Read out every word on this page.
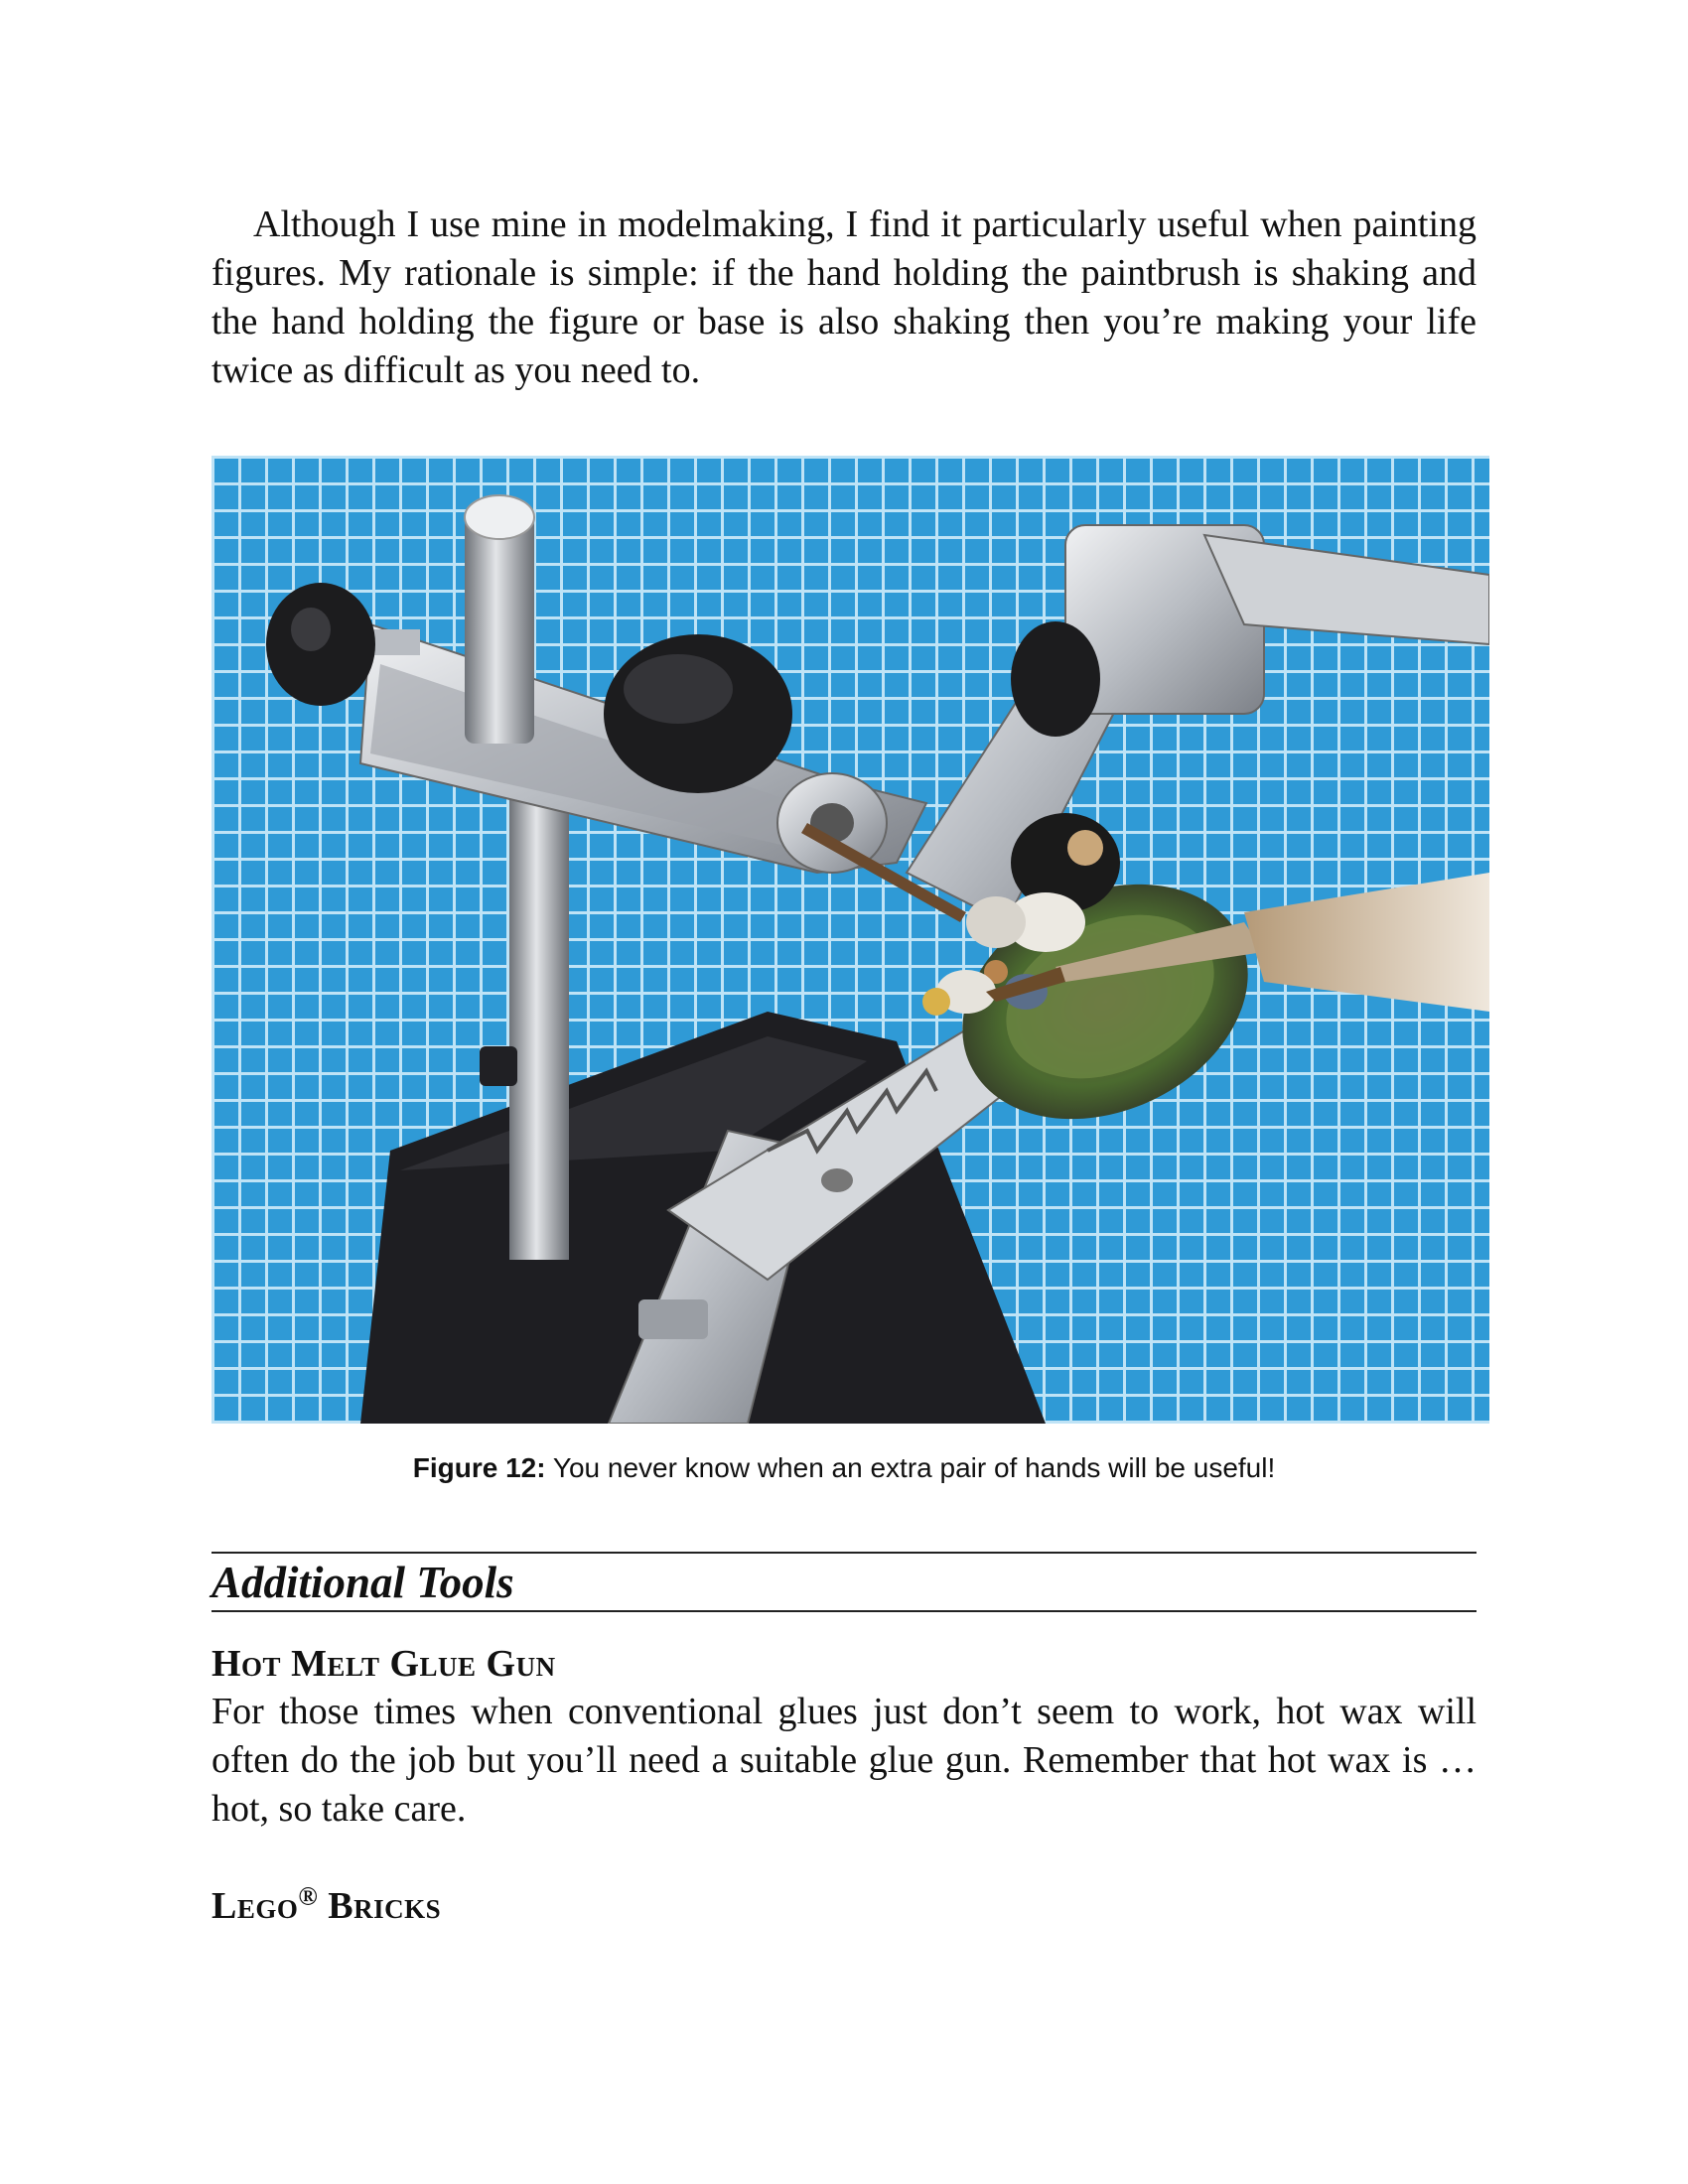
Although I use mine in modelmaking, I find it particularly useful when painting figures. My rationale is simple: if the hand holding the paintbrush is shaking and the hand holding the figure or base is also shaking then you’re making your life twice as difficult as you need to.

Figure 12: You never know when an extra pair of hands will be useful!
Additional Tools
Hot Melt Glue Gun

For those times when conventional glues just don’t seem to work, hot wax will often do the job but you’ll need a suitable glue gun. Remember that hot wax is … hot, so take care.

Lego® Bricks
